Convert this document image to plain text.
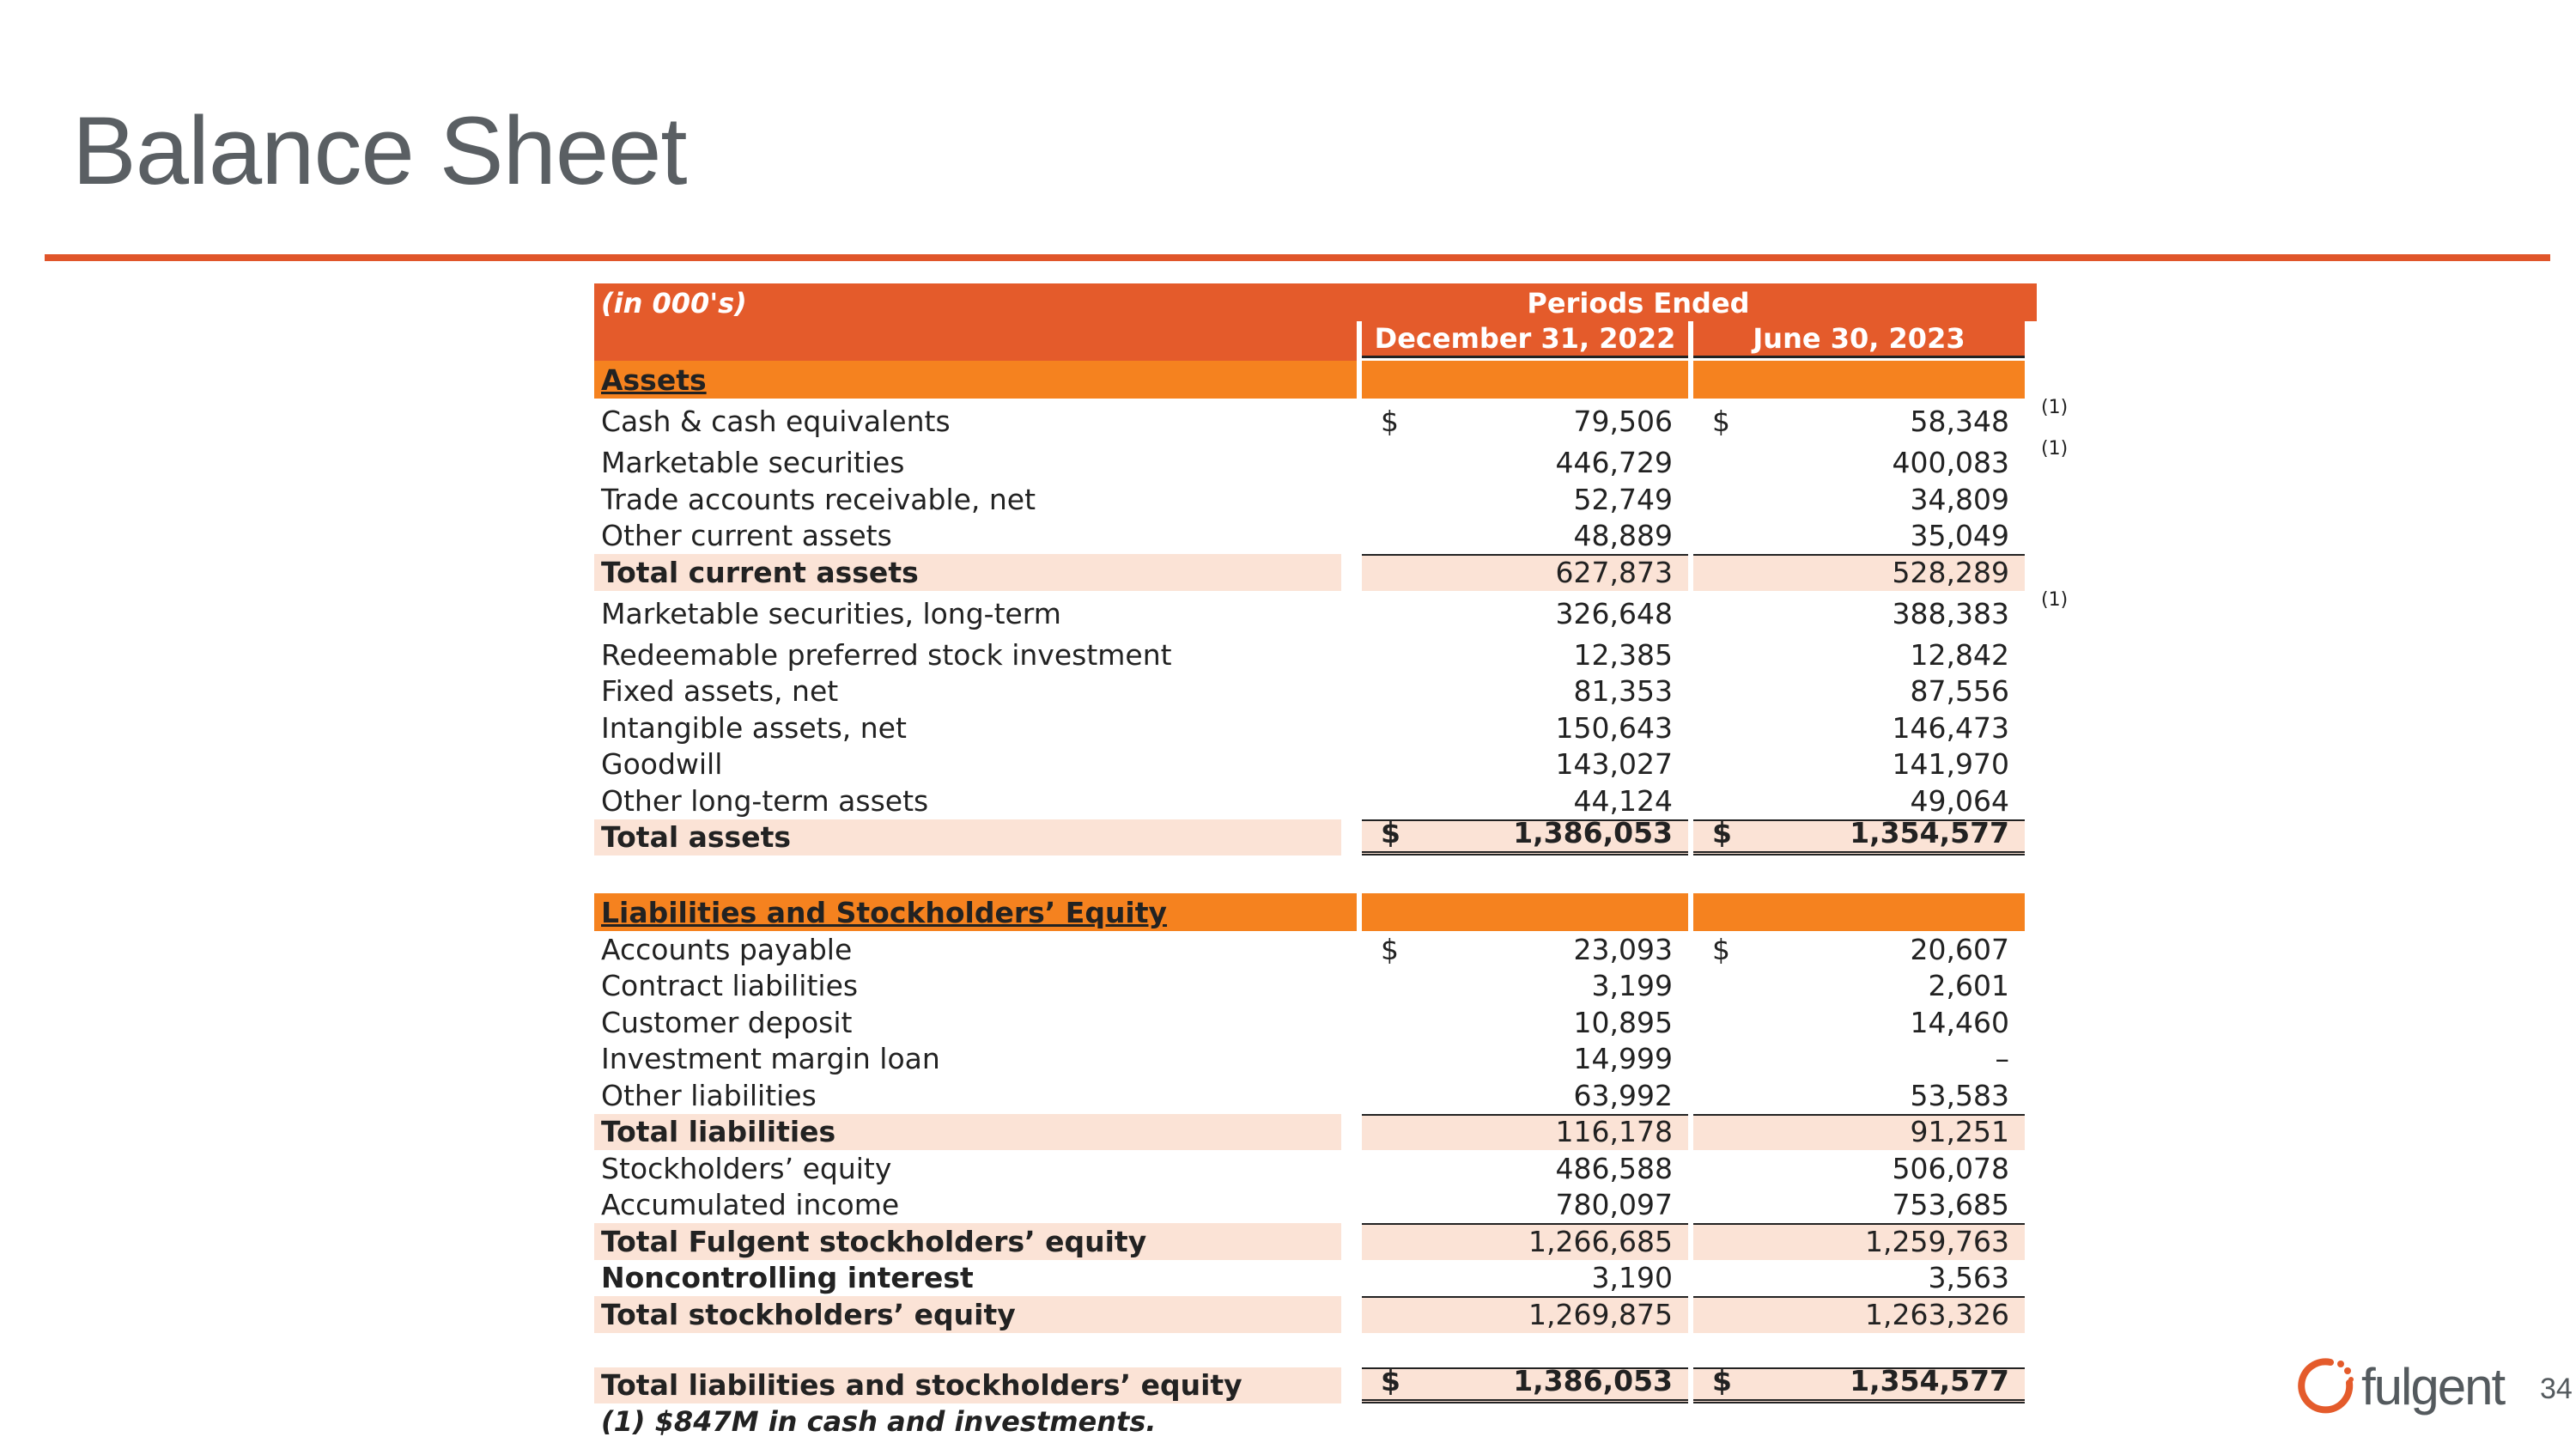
Balance Sheet
(in 000's)	Periods Ended
December 31, 2022	June 30, 2023
Assets
Cash & cash equivalents	$	79,506 $	58,348 (1)
Marketable securities	446,729	400,083 (1)
Trade accounts receivable, net	52,749	34,809
Other current assets	48,889	35,049
Total current assets	627,873	528,289
Marketable securities, long-term	326,648	388,383 (1)
Redeemable preferred stock investment	12,385	12,842
Fixed assets, net	81,353	87,556
Intangible assets, net	150,643	146,473
Goodwill	143,027	141,970
Other long-term assets	44,124	49,064
Total assets	$	1,386,053 $	1,354,577
Liabilities and Stockholders’ Equity
Accounts payable	$	23,093 $	20,607
Contract liabilities	3,199	2,601
Customer deposit	10,895	14,460
Investment margin loan	14,999	–
Other liabilities	63,992	53,583
Total liabilities	116,178	91,251
Stockholders’ equity	486,588	506,078
Accumulated income	780,097	753,685
Total Fulgent stockholders’ equity	1,266,685	1,259,763
Noncontrolling interest	3,190	3,563
Total stockholders’ equity	1,269,875	1,263,326
Total liabilities and stockholders’ equity	$	1,386,053 $	1,354,577
(1) $847M in cash and investments.
fulgent 34
